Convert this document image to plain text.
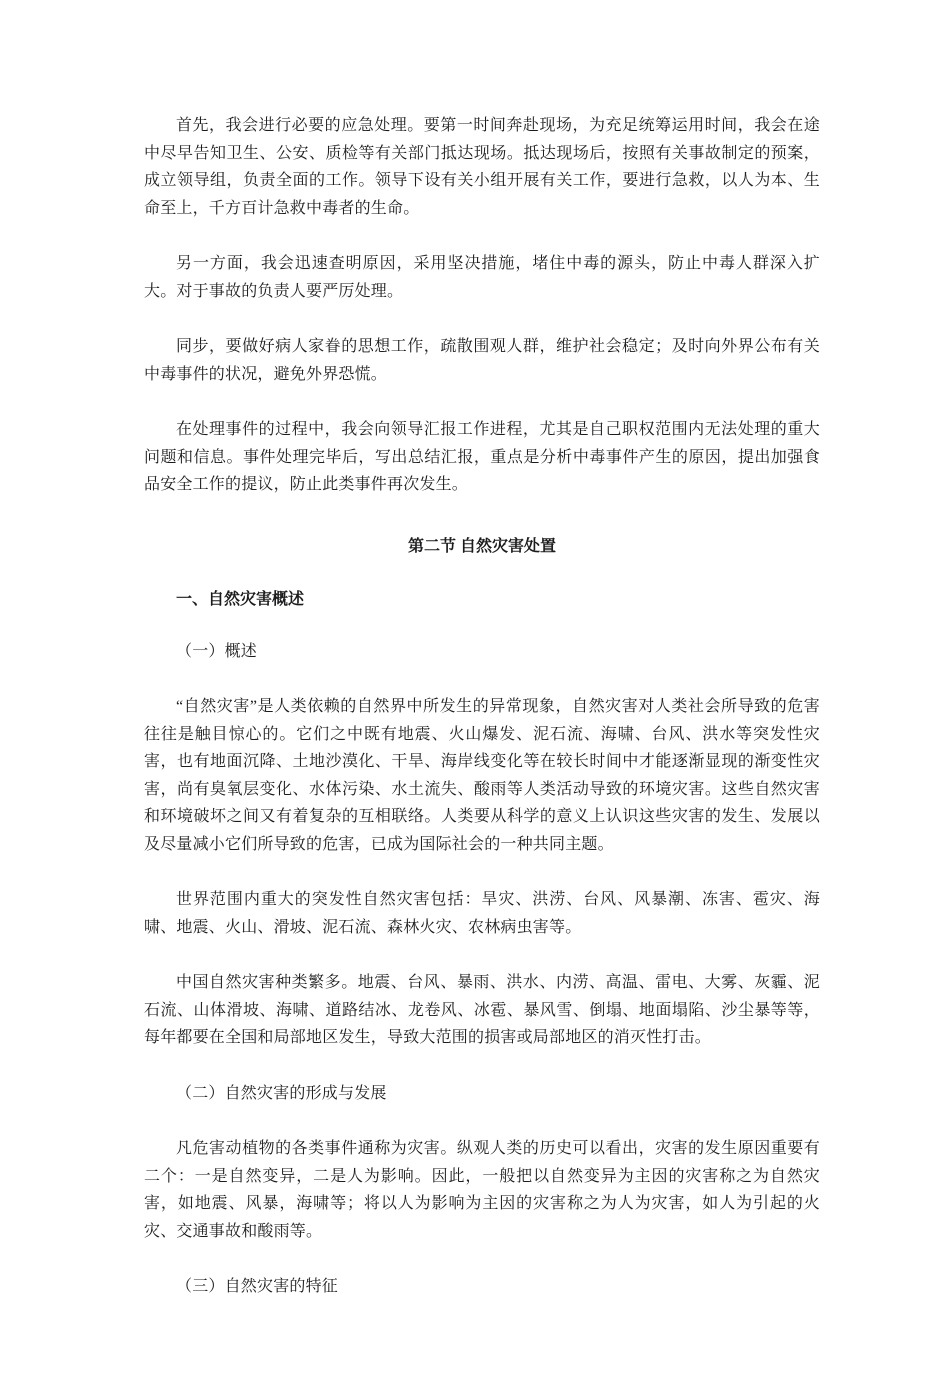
首先，我会进行必要的应急处理。要第一时间奔赴现场，为充足统筹运用时间，我会在途中尽早告知卫生、公安、质检等有关部门抵达现场。抵达现场后，按照有关事故制定的预案，成立领导组，负责全面的工作。领导下设有关小组开展有关工作，要进行急救，以人为本、生命至上，千方百计急救中毒者的生命。

另一方面，我会迅速查明原因，采用坚决措施，堵住中毒的源头，防止中毒人群深入扩大。对于事故的负责人要严厉处理。

同步，要做好病人家眷的思想工作，疏散围观人群，维护社会稳定；及时向外界公布有关中毒事件的状况，避免外界恐慌。

在处理事件的过程中，我会向领导汇报工作进程，尤其是自己职权范围内无法处理的重大问题和信息。事件处理完毕后，写出总结汇报，重点是分析中毒事件产生的原因，提出加强食品安全工作的提议，防止此类事件再次发生。

第二节 自然灾害处置
一、自然灾害概述

（一）概述

“自然灾害”是人类依赖的自然界中所发生的异常现象，自然灾害对人类社会所导致的危害往往是触目惊心的。它们之中既有地震、火山爆发、泥石流、海啸、台风、洪水等突发性灾害，也有地面沉降、土地沙漠化、干旱、海岸线变化等在较长时间中才能逐渐显现的渐变性灾害，尚有臭氧层变化、水体污染、水土流失、酸雨等人类活动导致的环境灾害。这些自然灾害和环境破坏之间又有着复杂的互相联络。人类要从科学的意义上认识这些灾害的发生、发展以及尽量减小它们所导致的危害，已成为国际社会的一种共同主题。

世界范围内重大的突发性自然灾害包括：旱灾、洪涝、台风、风暴潮、冻害、雹灾、海啸、地震、火山、滑坡、泥石流、森林火灾、农林病虫害等。

中国自然灾害种类繁多。地震、台风、暴雨、洪水、内涝、高温、雷电、大雾、灰霾、泥石流、山体滑坡、海啸、道路结冰、龙卷风、冰雹、暴风雪、倒塌、地面塌陷、沙尘暴等等，每年都要在全国和局部地区发生，导致大范围的损害或局部地区的消灭性打击。

（二）自然灾害的形成与发展

凡危害动植物的各类事件通称为灾害。纵观人类的历史可以看出，灾害的发生原因重要有二个：一是自然变异，二是人为影响。因此，一般把以自然变异为主因的灾害称之为自然灾害，如地震、风暴，海啸等；将以人为影响为主因的灾害称之为人为灾害，如人为引起的火灾、交通事故和酸雨等。

（三）自然灾害的特征
